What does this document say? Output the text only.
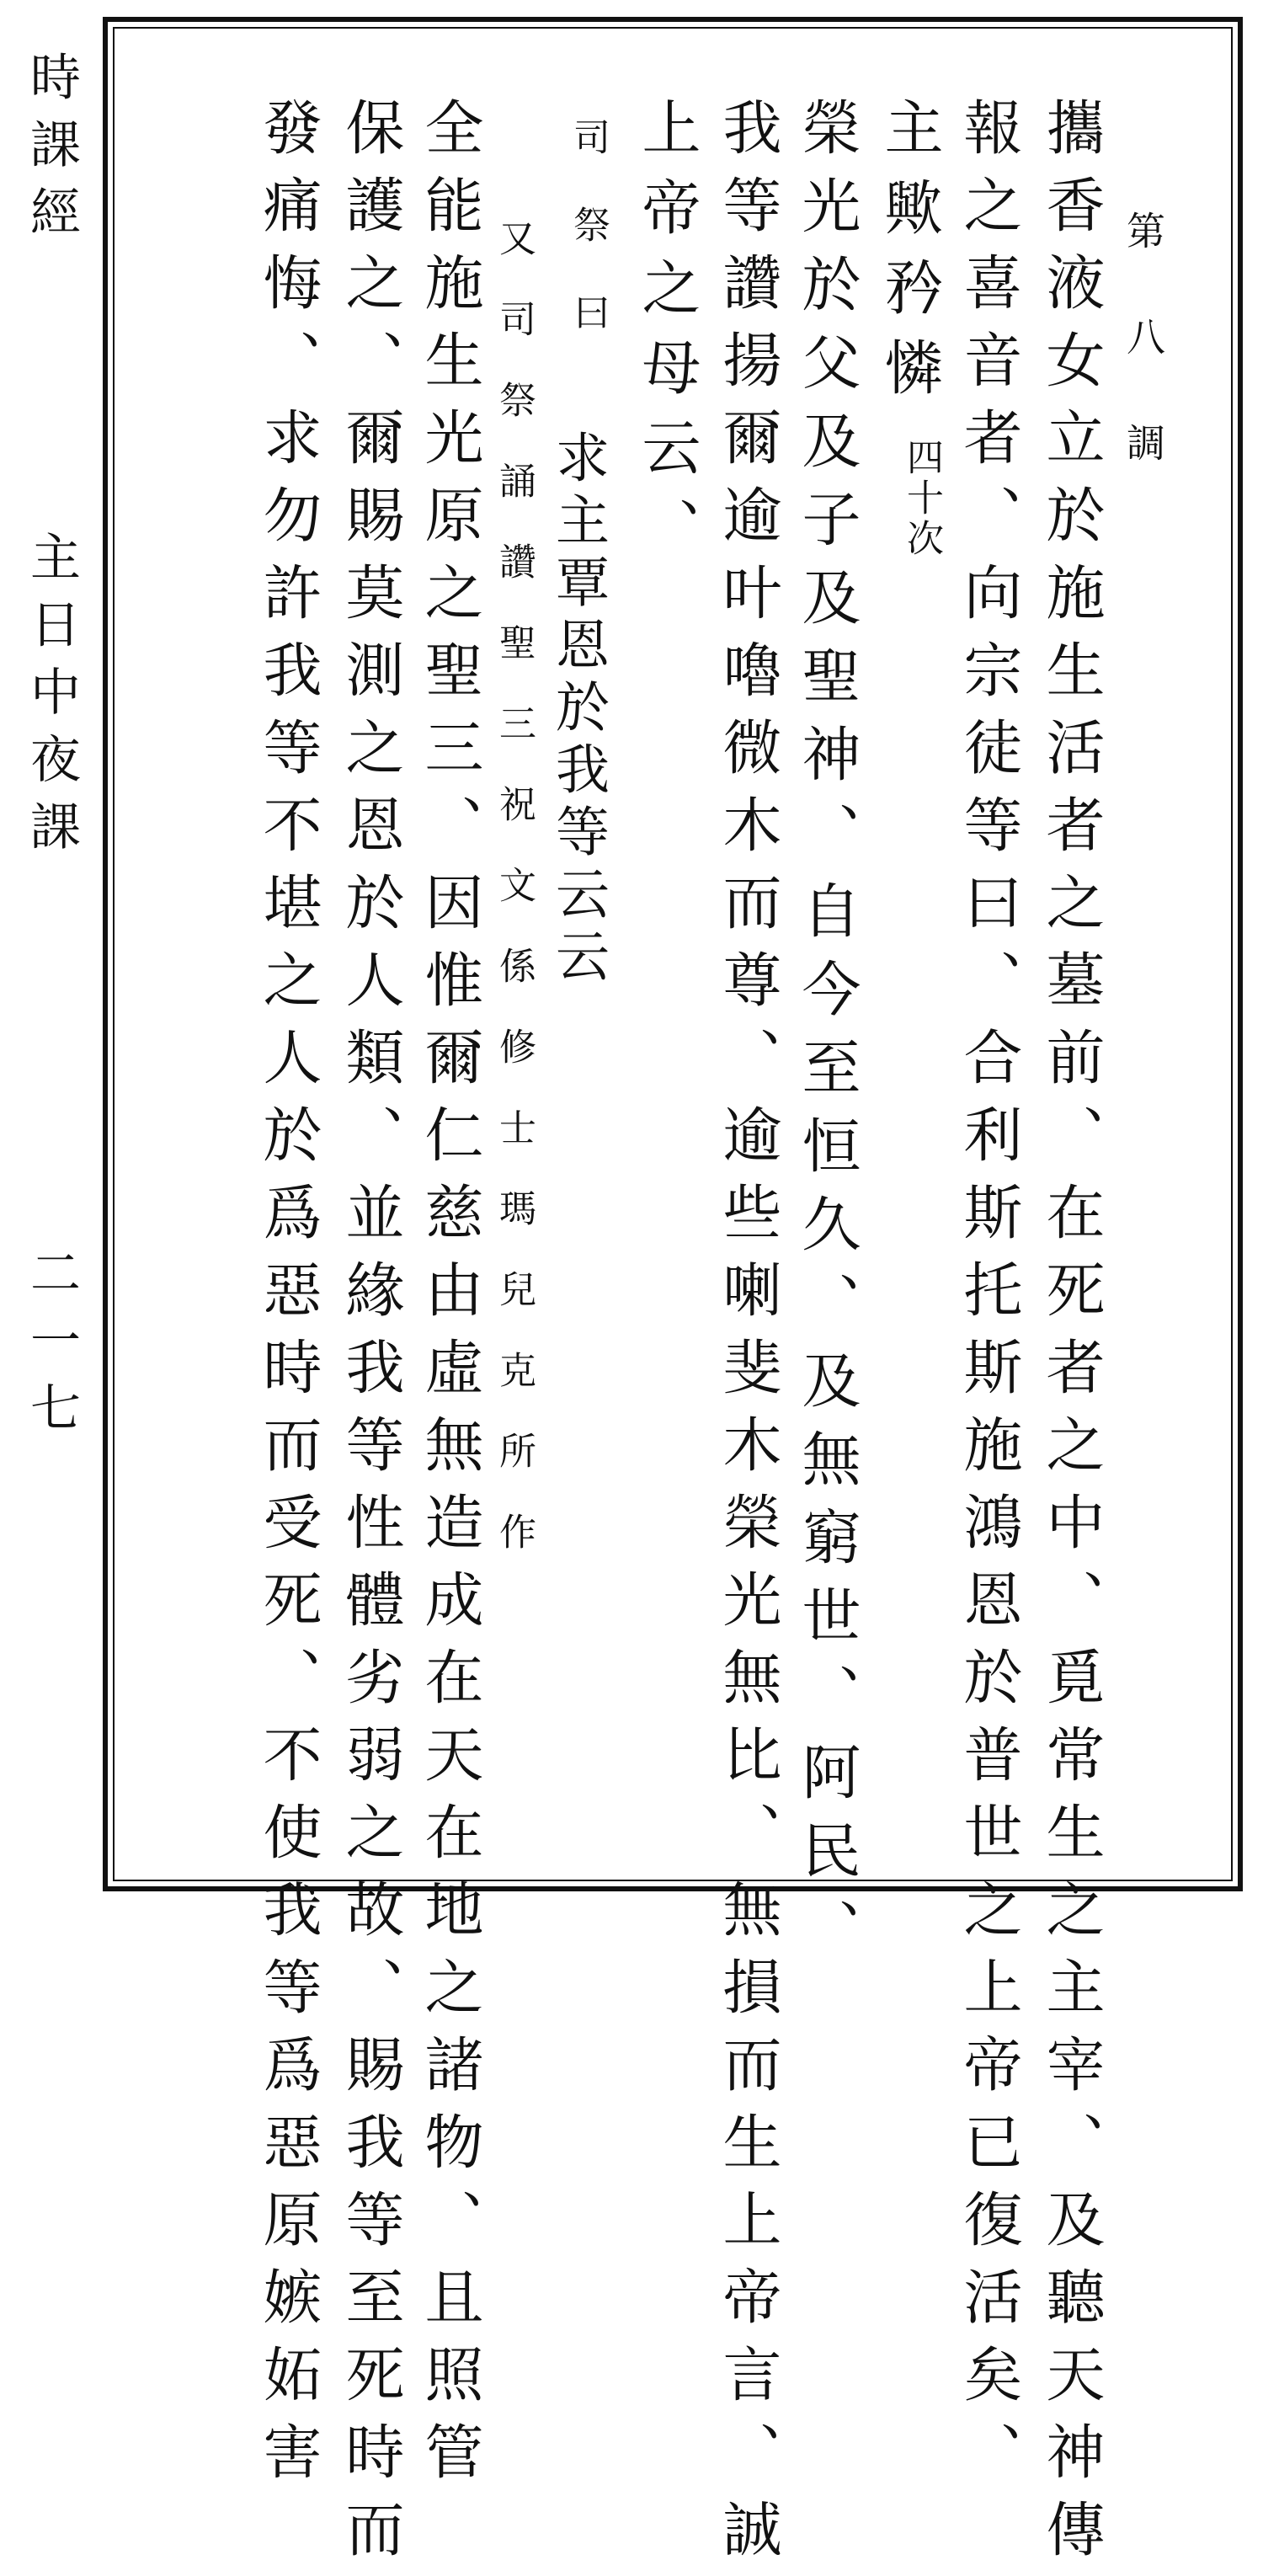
時課經
主日中夜課
二一七
第八調
攜香液女立於施生活者之墓前、在死者之中、覓常生之主宰、及聽天神傳
報之喜音者、向宗徒等曰、合利斯托斯施鴻恩於普世之上帝已復活矣、
主歟矜憐
四十次
榮光於父及子及聖神、自今至恒久、及無窮世、阿民、
我等讚揚爾逾叶嚕微木而尊、逾些喇斐木榮光無比、無損而生上帝言、誠
上帝之母云、
司祭曰
求主覃恩於我等云云
又司祭誦讚聖三祝文係修士瑪兒克所作
全能施生光原之聖三、因惟爾仁慈由虛無造成在天在地之諸物、且照管
保護之、爾賜莫測之恩於人類、並緣我等性體劣弱之故、賜我等至死時而
發痛悔、求勿許我等不堪之人於爲惡時而受死、不使我等爲惡原嫉妬害
